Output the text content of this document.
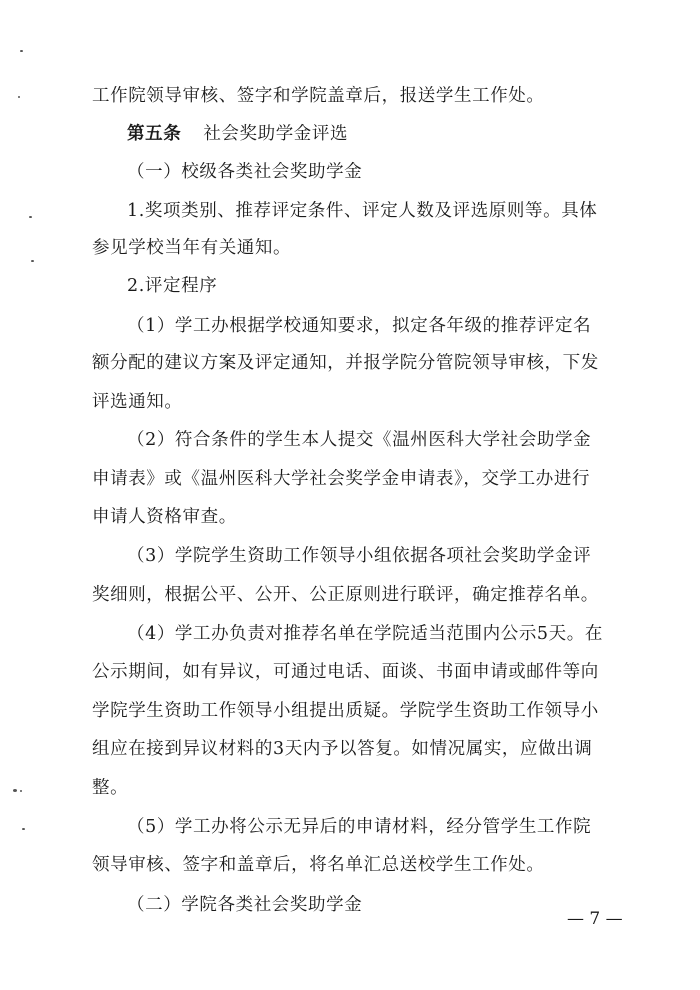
工作院领导审核、签字和学院盖章后，报送学生工作处。
第五条 社会奖助学金评选
（一）校级各类社会奖助学金
1.奖项类别、推荐评定条件、评定人数及评选原则等。具体
参见学校当年有关通知。
2.评定程序
（1）学工办根据学校通知要求，拟定各年级的推荐评定名
额分配的建议方案及评定通知，并报学院分管院领导审核，下发
评选通知。
（2）符合条件的学生本人提交《温州医科大学社会助学金
申请表》或《温州医科大学社会奖学金申请表》，交学工办进行
申请人资格审查。
（3）学院学生资助工作领导小组依据各项社会奖助学金评
奖细则，根据公平、公开、公正原则进行联评，确定推荐名单。
（4）学工办负责对推荐名单在学院适当范围内公示5天。在
公示期间，如有异议，可通过电话、面谈、书面申请或邮件等向
学院学生资助工作领导小组提出质疑。学院学生资助工作领导小
组应在接到异议材料的3天内予以答复。如情况属实，应做出调
整。
（5）学工办将公示无异后的申请材料，经分管学生工作院
领导审核、签字和盖章后，将名单汇总送校学生工作处。
（二）学院各类社会奖助学金
— 7 —
